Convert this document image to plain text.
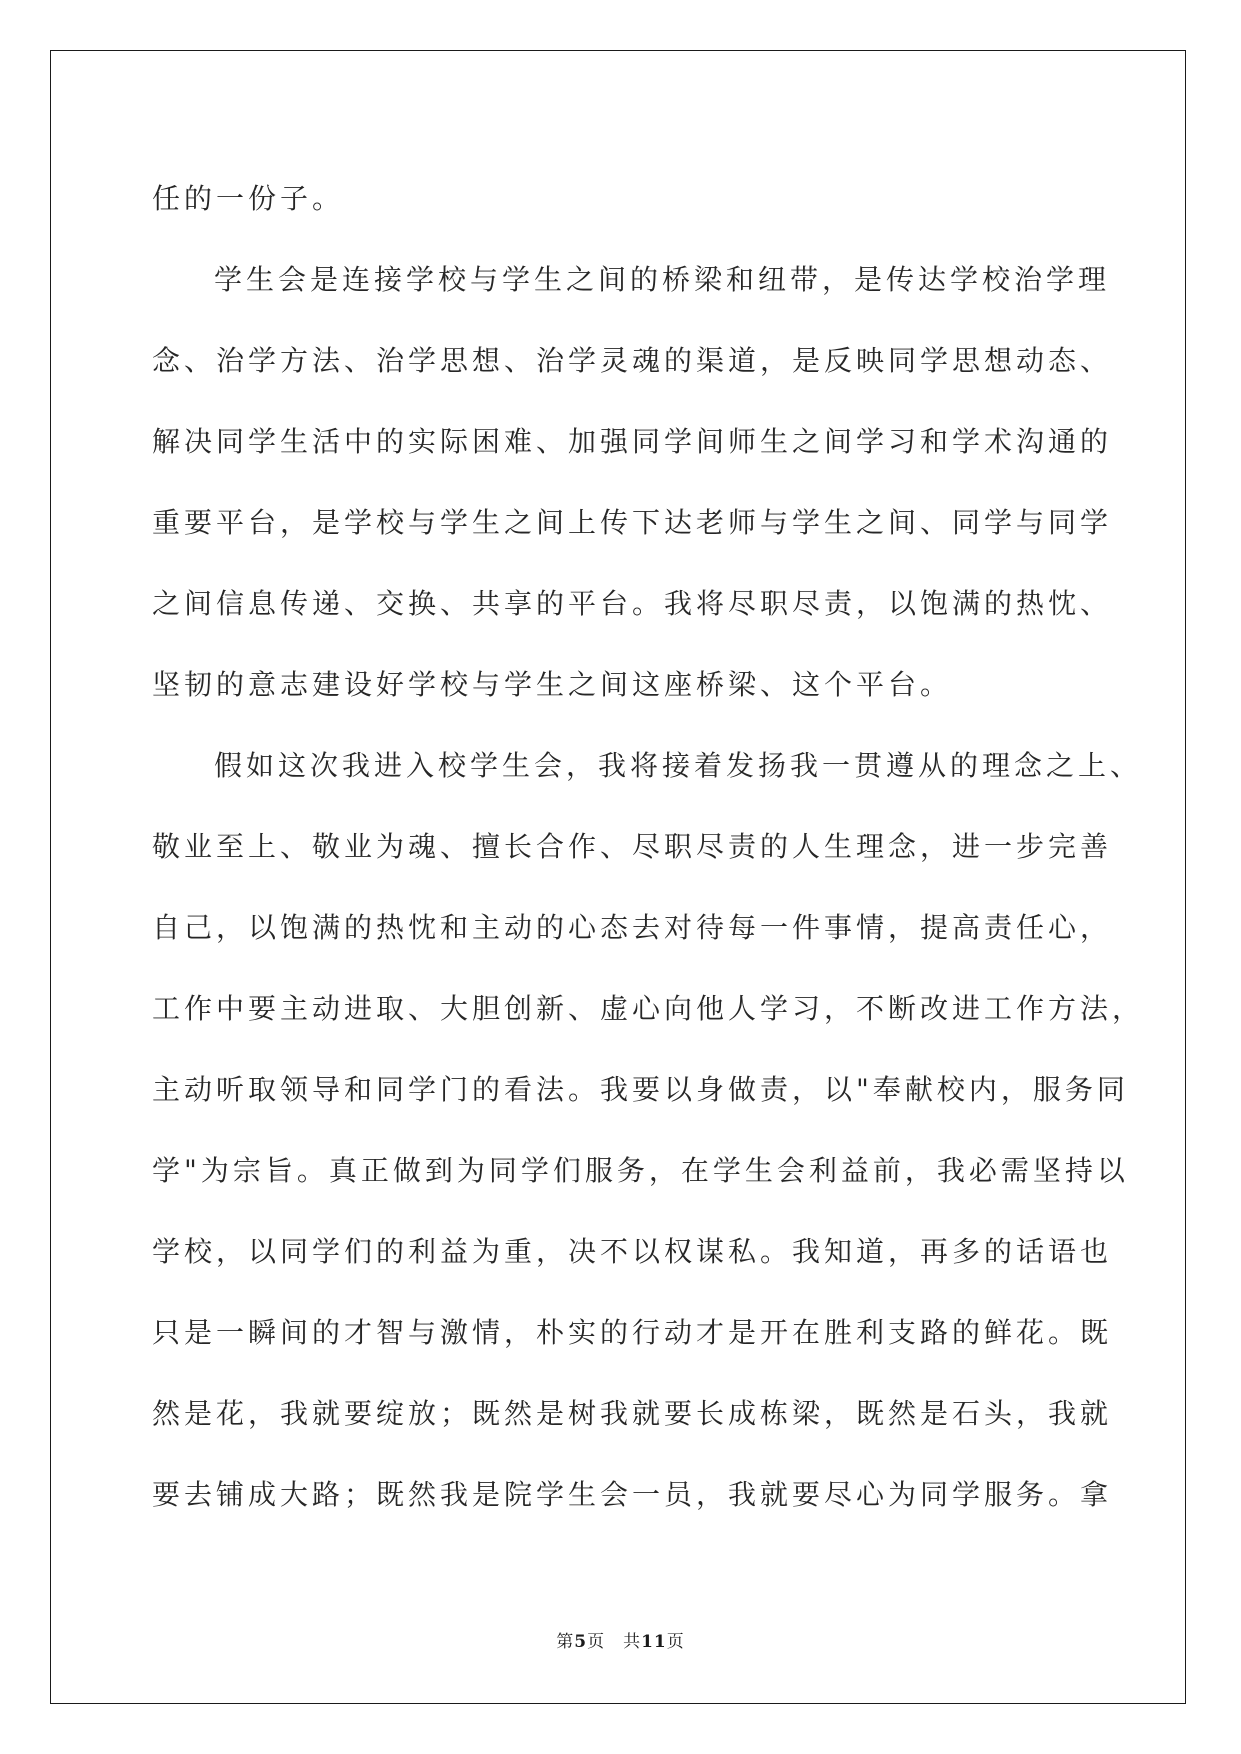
任的一份子。
学生会是连接学校与学生之间的桥梁和纽带，是传达学校治学理
念、治学方法、治学思想、治学灵魂的渠道，是反映同学思想动态、
解决同学生活中的实际困难、加强同学间师生之间学习和学术沟通的
重要平台，是学校与学生之间上传下达老师与学生之间、同学与同学
之间信息传递、交换、共享的平台。我将尽职尽责，以饱满的热忱、
坚韧的意志建设好学校与学生之间这座桥梁、这个平台。
假如这次我进入校学生会，我将接着发扬我一贯遵从的理念之上、
敬业至上、敬业为魂、擅长合作、尽职尽责的人生理念，进一步完善
自己，以饱满的热忱和主动的心态去对待每一件事情，提高责任心，
工作中要主动进取、大胆创新、虚心向他人学习，不断改进工作方法，
主动听取领导和同学门的看法。我要以身做责，以"奉献校内，服务同
学"为宗旨。真正做到为同学们服务，在学生会利益前，我必需坚持以
学校，以同学们的利益为重，决不以权谋私。我知道，再多的话语也
只是一瞬间的才智与激情，朴实的行动才是开在胜利支路的鲜花。既
然是花，我就要绽放；既然是树我就要长成栋梁，既然是石头，我就
要去铺成大路；既然我是院学生会一员，我就要尽心为同学服务。拿
第5页 共11页
